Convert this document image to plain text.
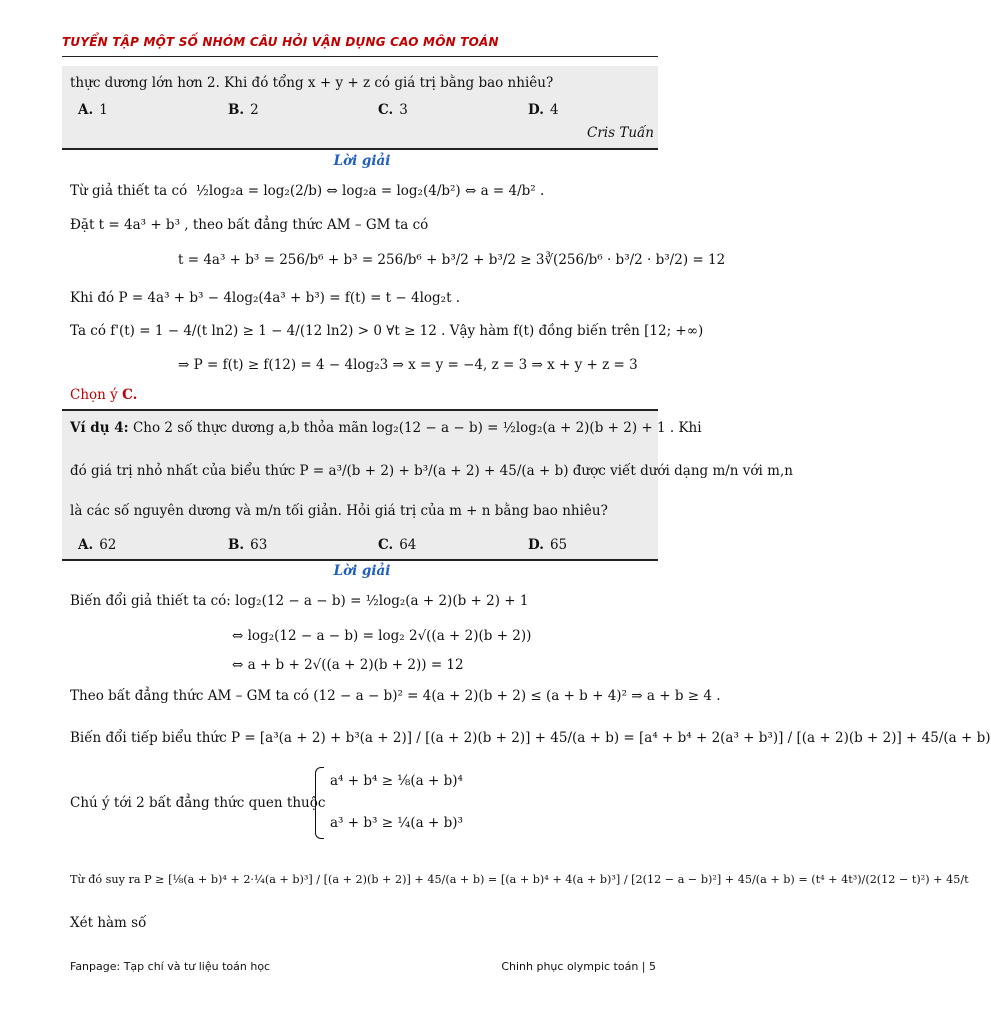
TUYỂN TẬP MỘT SỐ NHÓM CÂU HỎI VẬN DỤNG CAO MÔN TOÁN
thực dương lớn hơn 2. Khi đó tổng x + y + z có giá trị bằng bao nhiêu?
A. 1	B. 2	C. 3	D. 4
Cris Tuấn
Lời giải
Từ giả thiết ta có ½log₂a = log₂(2/b) ⇔ log₂a = log₂(4/b²) ⇔ a = 4/b² .
Đặt t = 4a³ + b³ , theo bất đẳng thức AM – GM ta có
t = 4a³ + b³ = 256/b⁶ + b³ = 256/b⁶ + b³/2 + b³/2 ≥ 3∛(256/b⁶ · b³/2 · b³/2) = 12
Khi đó P = 4a³ + b³ − 4log₂(4a³ + b³) = f(t) = t − 4log₂t .
Ta có f'(t) = 1 − 4/(t ln2) ≥ 1 − 4/(12 ln2) > 0 ∀t ≥ 12 . Vậy hàm f(t) đồng biến trên [12; +∞)
⇒ P = f(t) ≥ f(12) = 4 − 4log₂3 ⇒ x = y = −4, z = 3 ⇒ x + y + z = 3
Chọn ý C.
Ví dụ 4: Cho 2 số thực dương a,b thỏa mãn log₂(12 − a − b) = ½log₂(a + 2)(b + 2) + 1 . Khi
đó giá trị nhỏ nhất của biểu thức P = a³/(b + 2) + b³/(a + 2) + 45/(a + b) được viết dưới dạng m/n với m,n
là các số nguyên dương và m/n tối giản. Hỏi giá trị của m + n bằng bao nhiêu?
A. 62	B. 63	C. 64	D. 65
Lời giải
Biến đổi giả thiết ta có: log₂(12 − a − b) = ½log₂(a + 2)(b + 2) + 1
⇔ log₂(12 − a − b) = log₂ 2√((a + 2)(b + 2))
⇔ a + b + 2√((a + 2)(b + 2)) = 12
Theo bất đẳng thức AM – GM ta có (12 − a − b)² = 4(a + 2)(b + 2) ≤ (a + b + 4)² ⇒ a + b ≥ 4 .
Biến đổi tiếp biểu thức P = [a³(a + 2) + b³(a + 2)] / [(a + 2)(b + 2)] + 45/(a + b) = [a⁴ + b⁴ + 2(a³ + b³)] / [(a + 2)(b + 2)] + 45/(a + b)
Chú ý tới 2 bất đẳng thức quen thuộc
a⁴ + b⁴ ≥ ⅛(a + b)⁴
a³ + b³ ≥ ¼(a + b)³
Từ đó suy ra P ≥ [⅛(a + b)⁴ + 2·¼(a + b)³] / [(a + 2)(b + 2)] + 45/(a + b) = [(a + b)⁴ + 4(a + b)³] / [2(12 − a − b)²] + 45/(a + b) = (t⁴ + 4t³)/(2(12 − t)²) + 45/t
Xét hàm số
Fanpage: Tạp chí và tư liệu toán học	Chinh phục olympic toán | 5
